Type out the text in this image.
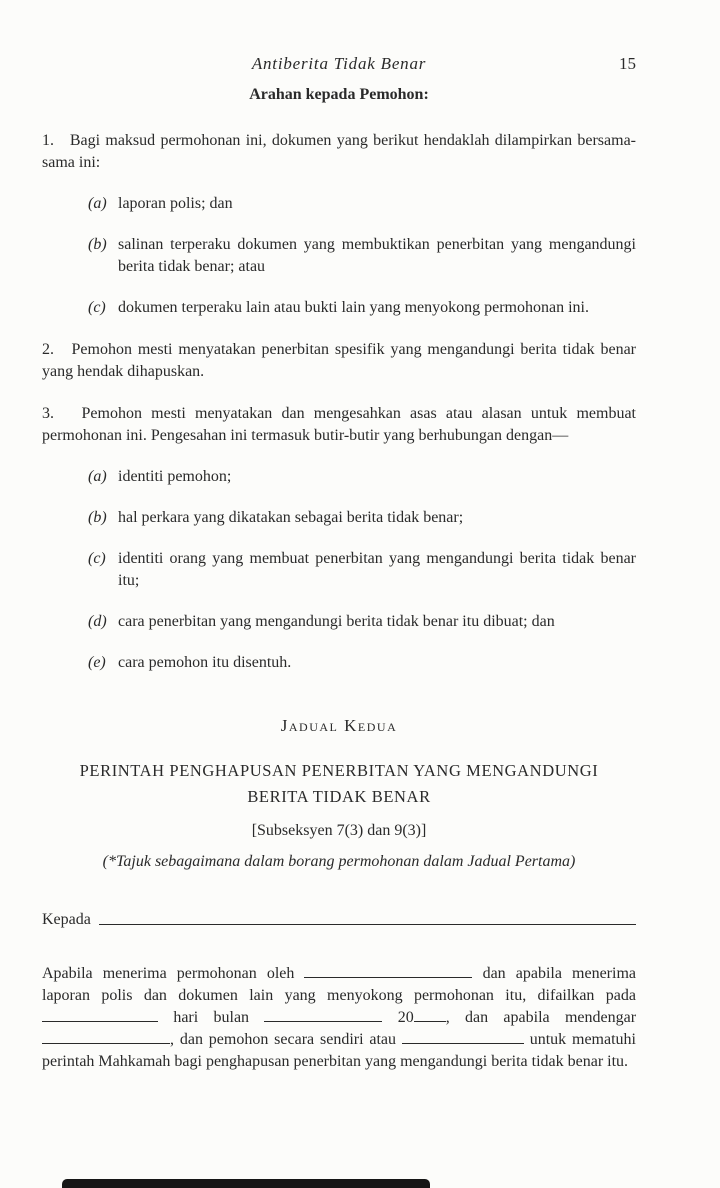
Antiberita Tidak Benar	15
Arahan kepada Pemohon:

1.   Bagi maksud permohonan ini, dokumen yang berikut hendaklah dilampirkan bersama-sama ini:

(a) laporan polis; dan
(b) salinan terperaku dokumen yang membuktikan penerbitan yang mengandungi berita tidak benar; atau
(c) dokumen terperaku lain atau bukti lain yang menyokong permohonan ini.

2.   Pemohon mesti menyatakan penerbitan spesifik yang mengandungi berita tidak benar yang hendak dihapuskan.

3.   Pemohon mesti menyatakan dan mengesahkan asas atau alasan untuk membuat permohonan ini. Pengesahan ini termasuk butir-butir yang berhubungan dengan—

(a) identiti pemohon;
(b) hal perkara yang dikatakan sebagai berita tidak benar;
(c) identiti orang yang membuat penerbitan yang mengandungi berita tidak benar itu;
(d) cara penerbitan yang mengandungi berita tidak benar itu dibuat; dan
(e) cara pemohon itu disentuh.
Jadual Kedua
PERINTAH PENGHAPUSAN PENERBITAN YANG MENGANDUNGI
BERITA TIDAK BENAR
[Subseksyen 7(3) dan 9(3)]
(*Tajuk sebagaimana dalam borang permohonan dalam Jadual Pertama)
Kepada

Apabila menerima permohonan oleh	dan apabila menerima laporan polis dan dokumen lain yang menyokong permohonan itu, difailkan pada  hari bulan	20 , dan apabila mendengar , dan pemohon secara sendiri atau	untuk mematuhi perintah Mahkamah bagi penghapusan penerbitan yang mengandungi berita tidak benar itu.
